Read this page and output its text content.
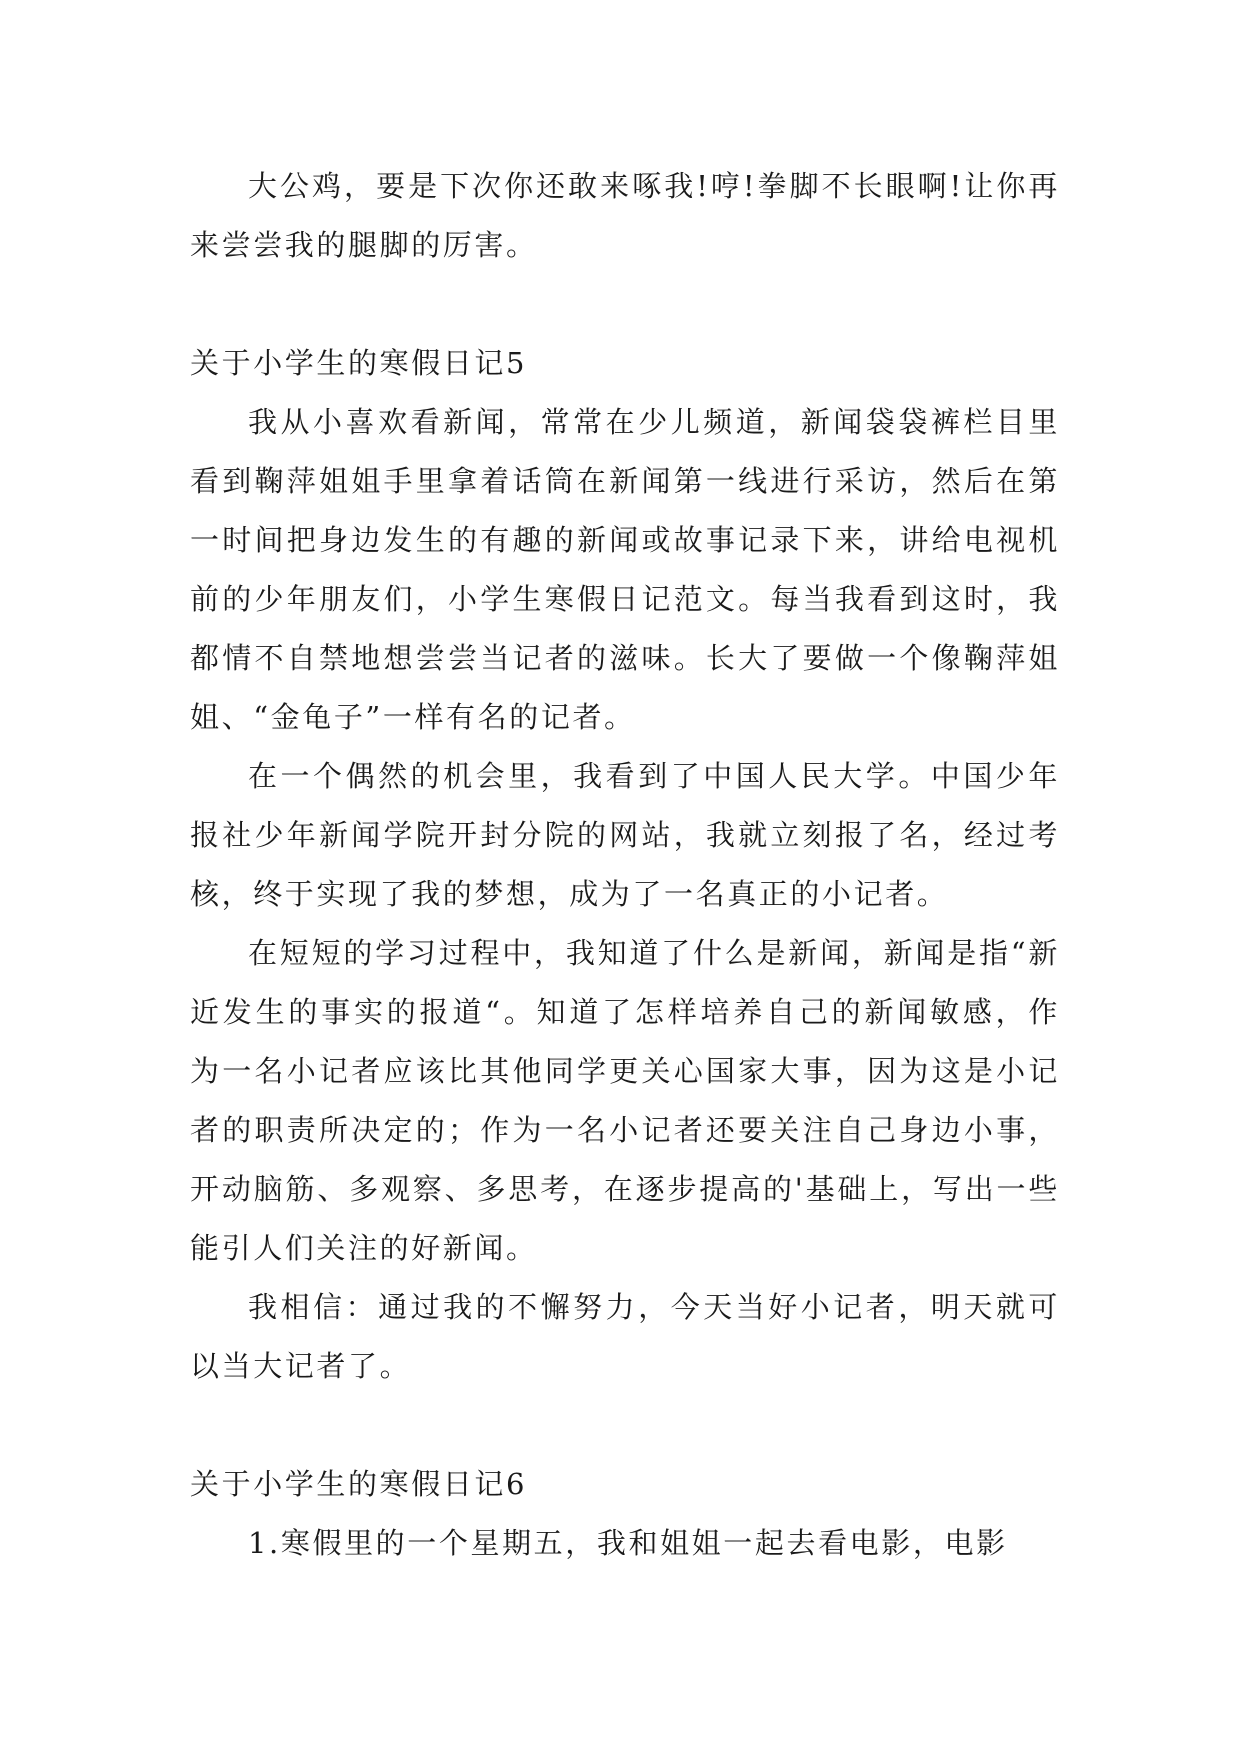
大公鸡，要是下次你还敢来啄我!哼!拳脚不长眼啊!让你再来尝尝我的腿脚的厉害。

关于小学生的寒假日记5

我从小喜欢看新闻，常常在少儿频道，新闻袋袋裤栏目里看到鞠萍姐姐手里拿着话筒在新闻第一线进行采访，然后在第一时间把身边发生的有趣的新闻或故事记录下来，讲给电视机前的少年朋友们，小学生寒假日记范文。每当我看到这时，我都情不自禁地想尝尝当记者的滋味。长大了要做一个像鞠萍姐姐、“金龟子”一样有名的记者。

在一个偶然的机会里，我看到了中国人民大学。中国少年报社少年新闻学院开封分院的网站，我就立刻报了名，经过考核，终于实现了我的梦想，成为了一名真正的小记者。

在短短的学习过程中，我知道了什么是新闻，新闻是指“新近发生的事实的报道“。知道了怎样培养自己的新闻敏感，作为一名小记者应该比其他同学更关心国家大事，因为这是小记者的职责所决定的；作为一名小记者还要关注自己身边小事，开动脑筋、多观察、多思考，在逐步提高的'基础上，写出一些能引人们关注的好新闻。

我相信：通过我的不懈努力，今天当好小记者，明天就可以当大记者了。

关于小学生的寒假日记6

1.寒假里的一个星期五，我和姐姐一起去看电影，电影
